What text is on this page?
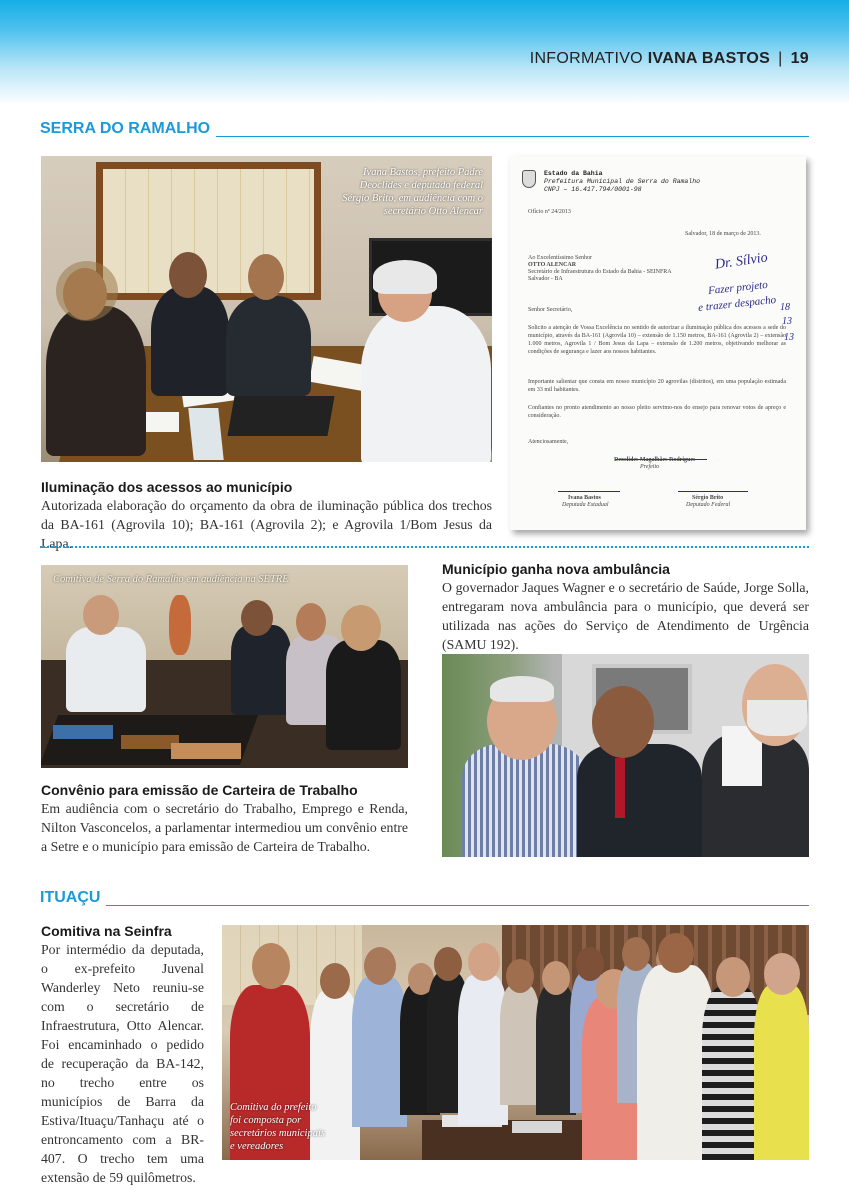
INFORMATIVO IVANA BASTOS | 19
SERRA DO RAMALHO
Ivana Bastos, prefeito Padre Deoclides e deputado federal Sérgio Brito, em audiência com o secretário Otto Alencar
Estado da Bahia
Prefeitura Municipal de Serra do Ramalho
CNPJ – 16.417.794/0001-98
Ofício nº 24/2013
Salvador, 18 de março de 2013.
Ao Excelentíssimo Senhor
OTTO ALENCAR
Secretário de Infraestrutura do Estado da Bahia - SEINFRA
Salvador - BA
Senhor Secretário,
Solicito a atenção de Vossa Excelência no sentido de autorizar a iluminação pública dos acessos a sede do município, através da BA-161 (Agrovila 10) – extensão de 1.150 metros, BA-161 (Agrovila 2) – extensão 1.000 metros, Agrovila 1 / Bom Jesus da Lapa – extensão de 1.200 metros, objetivando melhorar as condições de segurança e lazer aos nossos habitantes.
Importante salientar que consta em nosso município 20 agrovilas (distritos), em uma população estimada em 33 mil habitantes.
Confiantes no pronto atendimento ao nosso pleito servimo-nos do ensejo para renovar votos de apreço e consideração.
Atenciosamente,
Dr. Sílvio
Fazer projeto
e trazer despacho 18
13
13
Deoclides Magalhães Rodrigues
Prefeito
Ivana Bastos
Deputada Estadual
Sérgio Brito
Deputado Federal
Iluminação dos acessos ao município
Autorizada elaboração do orçamento da obra de iluminação pública dos trechos da BA-161 (Agrovila 10); BA-161 (Agrovila 2); e Agrovila 1/Bom Jesus da Lapa.
Comitiva de Serra do Ramalho em audiência na SETRE
Convênio para emissão de Carteira de Trabalho
Em audiência com o secretário do Trabalho, Emprego e Renda, Nilton Vasconcelos, a parlamentar intermediou um convênio entre a Setre e o município para emissão de Carteira de Trabalho.
Município ganha nova ambulância
O governador Jaques Wagner e o secretário de Saúde, Jorge Solla, entregaram nova ambulância para o município, que deverá ser utilizada nas ações do Serviço de Atendimento de Urgência (SAMU 192).
ITUAÇU
Comitiva na Seinfra
Por intermédio da deputada, o ex-prefeito Juvenal Wanderley Neto reuniu-se com o secretário de Infraestrutura, Otto Alencar. Foi encaminhado o pedido de recuperação da BA-142, no trecho entre os municípios de Barra da Estiva/Ituaçu/Tanhaçu até o entroncamento com a BR-407. O trecho tem uma extensão de 59 quilômetros.
Comitiva do prefeito foi composta por secretários municipais e vereadores
